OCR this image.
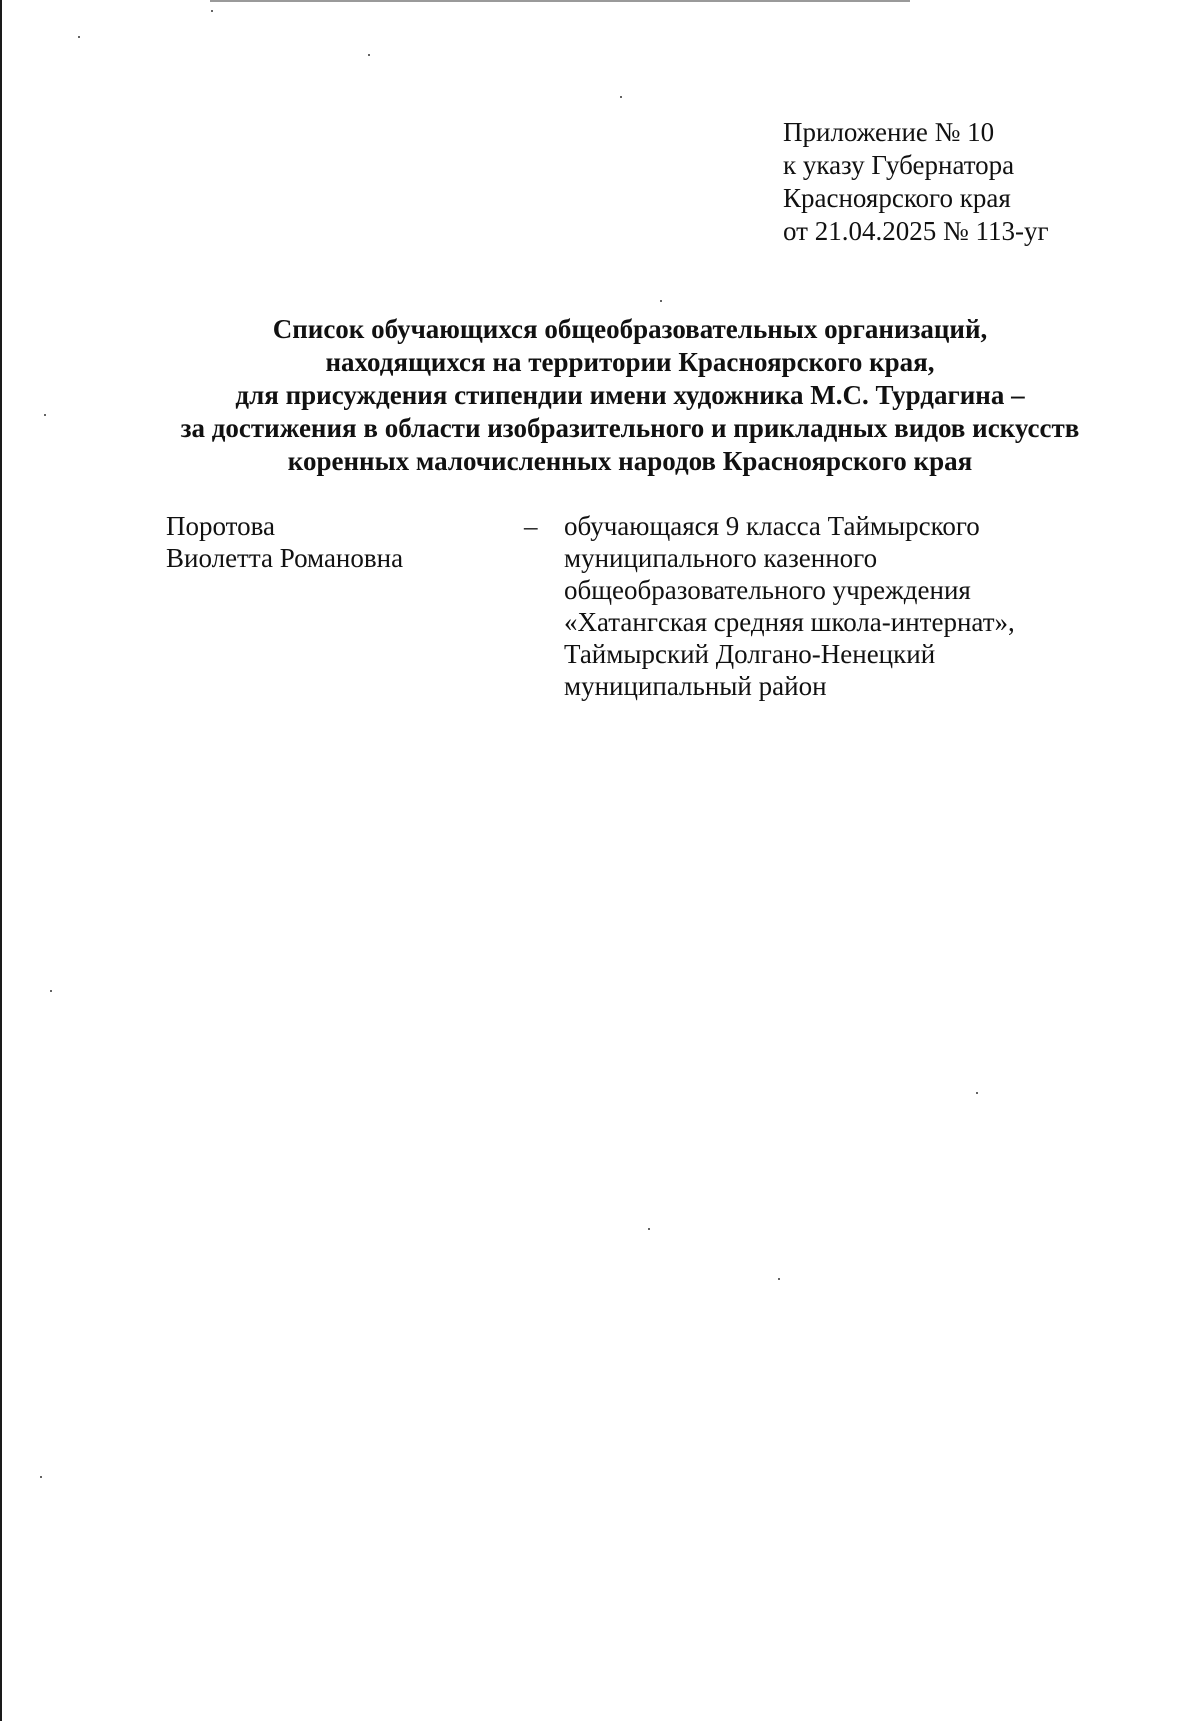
Приложение № 10
к указу Губернатора
Красноярского края
от 21.04.2025 № 113-уг
Список обучающихся общеобразовательных организаций,
находящихся на территории Красноярского края,
для присуждения стипендии имени художника М.С. Турдагина –
за достижения в области изобразительного и прикладных видов искусств
коренных малочисленных народов Красноярского края
Поротова
Виолетта Романовна
– обучающаяся 9 класса Таймырского
муниципального казенного
общеобразовательного учреждения
«Хатангская средняя школа-интернат»,
Таймырский Долгано-Ненецкий
муниципальный район
